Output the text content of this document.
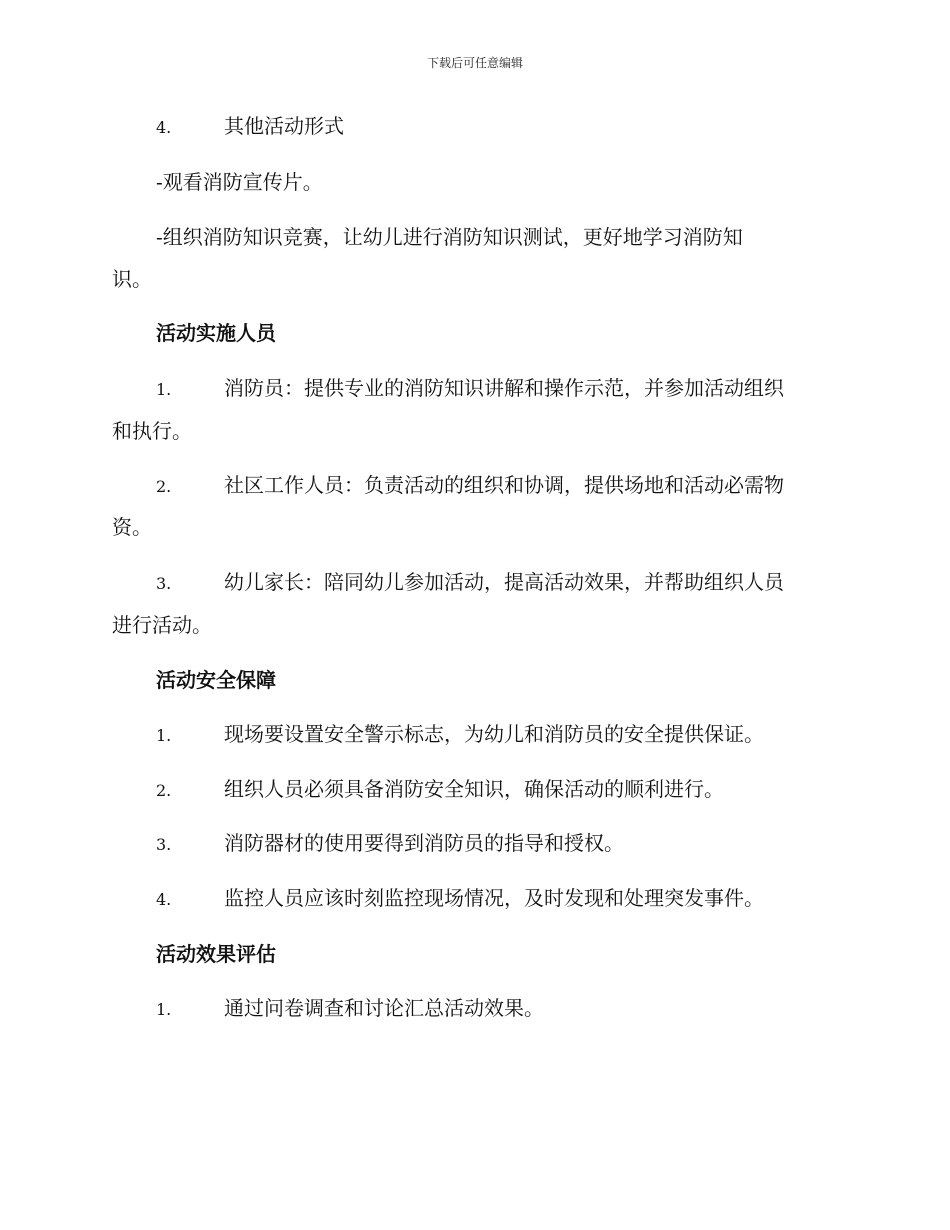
下载后可任意编辑
4.	其他活动形式
-观看消防宣传片。
-组织消防知识竞赛，让幼儿进行消防知识测试，更好地学习消防知
识。
活动实施人员
1.	消防员：提供专业的消防知识讲解和操作示范，并参加活动组织
和执行。
2.	社区工作人员：负责活动的组织和协调，提供场地和活动必需物
资。
3.	幼儿家长：陪同幼儿参加活动，提高活动效果，并帮助组织人员
进行活动。
活动安全保障
1.	现场要设置安全警示标志，为幼儿和消防员的安全提供保证。
2.	组织人员必须具备消防安全知识，确保活动的顺利进行。
3.	消防器材的使用要得到消防员的指导和授权。
4.	监控人员应该时刻监控现场情况，及时发现和处理突发事件。
活动效果评估
1.	通过问卷调查和讨论汇总活动效果。
